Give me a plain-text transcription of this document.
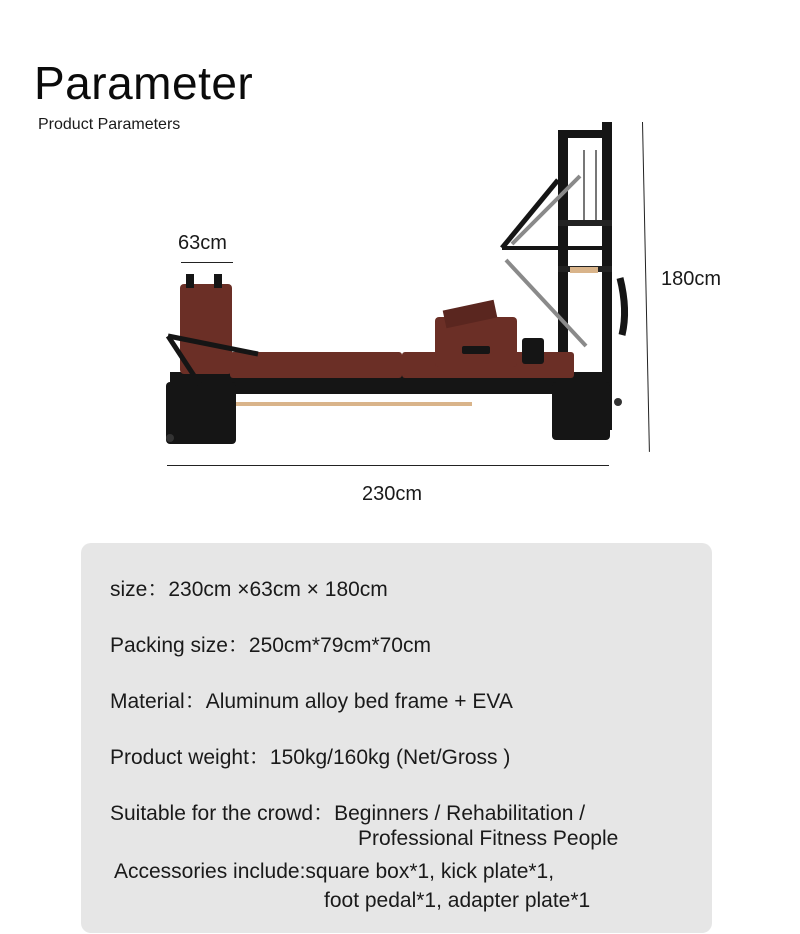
Parameter
Product Parameters
63cm
180cm
230cm
size：230cm ×63cm × 180cm
Packing size：250cm*79cm*70cm
Material：Aluminum alloy bed frame + EVA
Product weight：150kg/160kg (Net/Gross )
Suitable for the crowd：Beginners / Rehabilitation /
Professional Fitness People
Accessories include:square box*1, kick plate*1,
foot pedal*1, adapter plate*1
